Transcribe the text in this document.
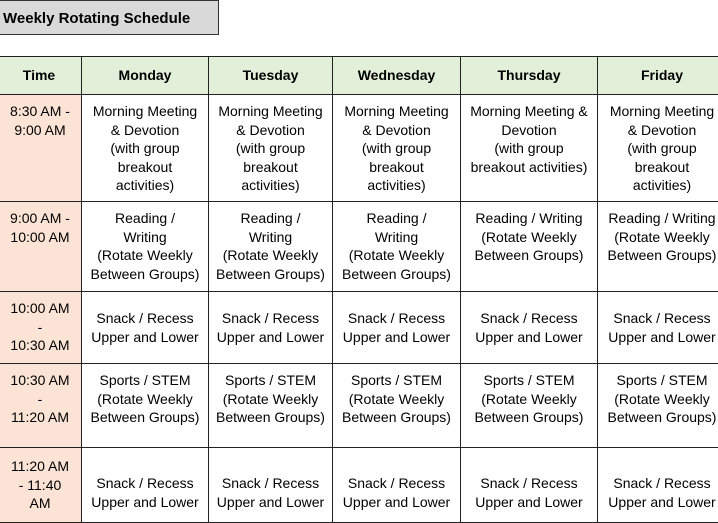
Weekly Rotating Schedule
Time	Monday	Tuesday	Wednesday	Thursday	Friday
8:30 AM -
9:00 AM	Morning Meeting
& Devotion
(with group
breakout
activities)	Morning Meeting
& Devotion
(with group
breakout
activities)	Morning Meeting
& Devotion
(with group
breakout
activities)	Morning Meeting &
Devotion
(with group
breakout activities)	Morning Meeting
& Devotion
(with group
breakout
activities)
9:00 AM -
10:00 AM	Reading /
Writing
(Rotate Weekly
Between Groups)	Reading /
Writing
(Rotate Weekly
Between Groups)	Reading /
Writing
(Rotate Weekly
Between Groups)	Reading / Writing
(Rotate Weekly
Between Groups)	Reading / Writing
(Rotate Weekly
Between Groups)
10:00 AM
-
10:30 AM	Snack / Recess
Upper and Lower	Snack / Recess
Upper and Lower	Snack / Recess
Upper and Lower	Snack / Recess
Upper and Lower	Snack / Recess
Upper and Lower
10:30 AM
-
11:20 AM	Sports / STEM
(Rotate Weekly
Between Groups)	Sports / STEM
(Rotate Weekly
Between Groups)	Sports / STEM
(Rotate Weekly
Between Groups)	Sports / STEM
(Rotate Weekly
Between Groups)	Sports / STEM
(Rotate Weekly
Between Groups)
11:20 AM
- 11:40
AM	Snack / Recess
Upper and Lower	Snack / Recess
Upper and Lower	Snack / Recess
Upper and Lower	Snack / Recess
Upper and Lower	Snack / Recess
Upper and Lower
